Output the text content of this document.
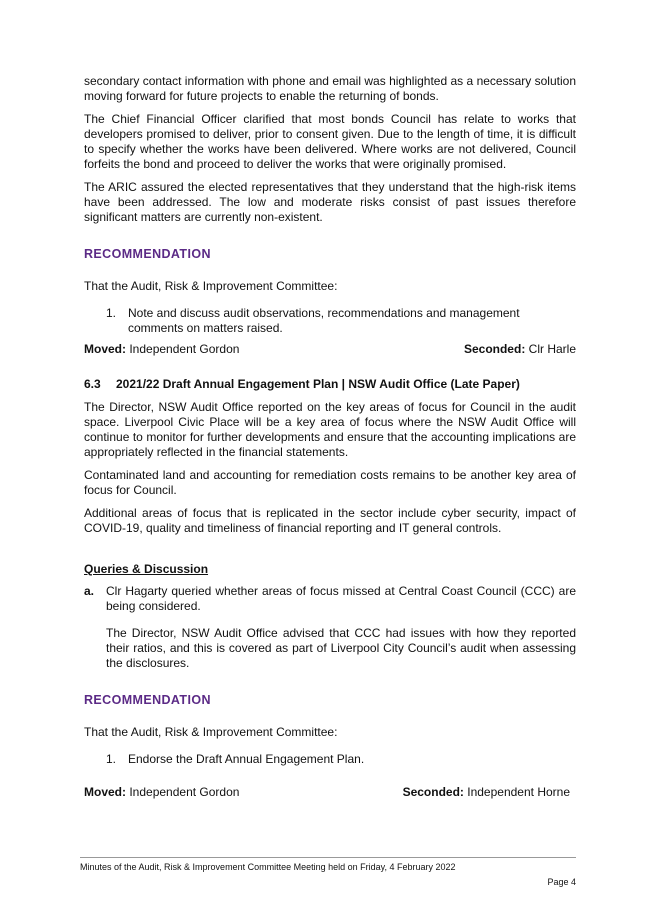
secondary contact information with phone and email was highlighted as a necessary solution moving forward for future projects to enable the returning of bonds.

The Chief Financial Officer clarified that most bonds Council has relate to works that developers promised to deliver, prior to consent given. Due to the length of time, it is difficult to specify whether the works have been delivered. Where works are not delivered, Council forfeits the bond and proceed to deliver the works that were originally promised.

The ARIC assured the elected representatives that they understand that the high-risk items have been addressed. The low and moderate risks consist of past issues therefore significant matters are currently non-existent.

RECOMMENDATION

That the Audit, Risk & Improvement Committee:

1. Note and discuss audit observations, recommendations and management comments on matters raised.
Moved: Independent Gordon	Seconded: Clr Harle
6.3	2021/22 Draft Annual Engagement Plan | NSW Audit Office (Late Paper)

The Director, NSW Audit Office reported on the key areas of focus for Council in the audit space. Liverpool Civic Place will be a key area of focus where the NSW Audit Office will continue to monitor for further developments and ensure that the accounting implications are appropriately reflected in the financial statements.

Contaminated land and accounting for remediation costs remains to be another key area of focus for Council.

Additional areas of focus that is replicated in the sector include cyber security, impact of COVID-19, quality and timeliness of financial reporting and IT general controls.

Queries & Discussion
a. Clr Hagarty queried whether areas of focus missed at Central Coast Council (CCC) are being considered.

The Director, NSW Audit Office advised that CCC had issues with how they reported their ratios, and this is covered as part of Liverpool City Council’s audit when assessing the disclosures.

RECOMMENDATION

That the Audit, Risk & Improvement Committee:

1. Endorse the Draft Annual Engagement Plan.
Moved: Independent Gordon	Seconded: Independent Horne
Minutes of the Audit, Risk & Improvement Committee Meeting held on Friday, 4 February 2022
Page 4
